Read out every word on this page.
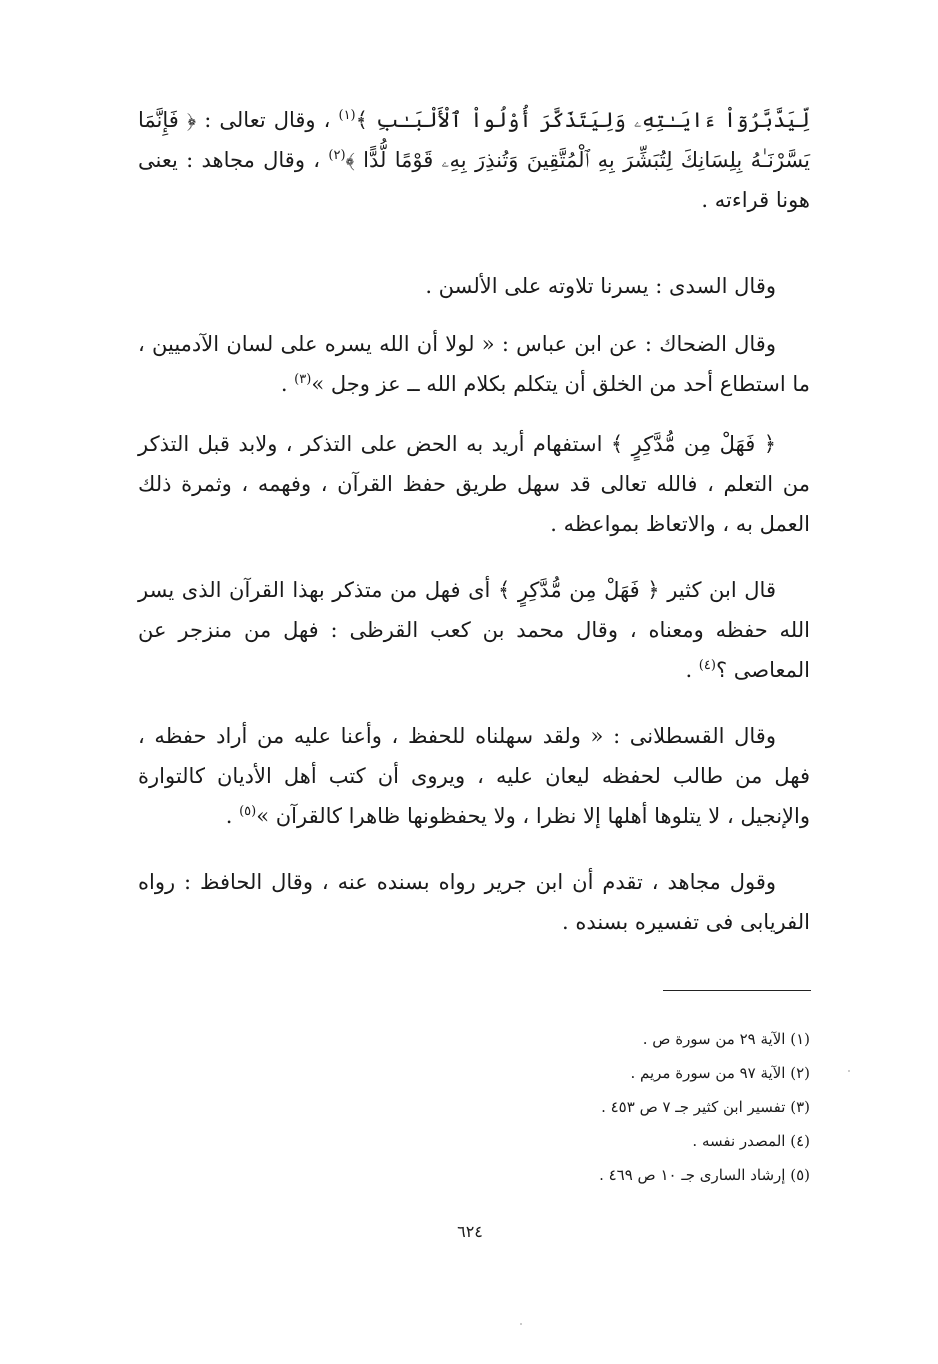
لِّيَدَّبَّرُوٓاْ ءَايَـٰتِهِۦ وَلِيَتَذَكَّرَ أُوْلُواْ ٱلْأَلْبَـٰبِ ﴾$^{(١)}$ ، وقال تعالى : ﴿ فَإِنَّمَا يَسَّرْنَـٰهُ بِلِسَانِكَ لِتُبَشِّرَ بِهِ ٱلْمُتَّقِينَ وَتُنذِرَ بِهِۦ قَوْمًا لُّدًّا ﴾$^{(٢)}$ ، وقال مجاهد : يعنى هونا قراءته .

وقال السدى : يسرنا تلاوته على الألسن .

وقال الضحاك : عن ابن عباس : « لولا أن الله يسره على لسان الآدميين ، ما استطاع أحد من الخلق أن يتكلم بكلام الله ــ عز وجل »$^{(٣)}$ .

﴿ فَهَلْ مِن مُّدَّكِرٍ ﴾ استفهام أريد به الحض على التذكر ، ولابد قبل التذكر من التعلم ، فالله تعالى قد سهل طريق حفظ القرآن ، وفهمه ، وثمرة ذلك العمل به ، والاتعاظ بمواعظه .

قال ابن كثير ﴿ فَهَلْ مِن مُّدَّكِرٍ ﴾ أى فهل من متذكر بهذا القرآن الذى يسر الله حفظه ومعناه ، وقال محمد بن كعب القرظى : فهل من منزجر عن المعاصى ؟$^{(٤)}$ .

وقال القسطلانى : « ولقد سهلناه للحفظ ، وأعنا عليه من أراد حفظه ، فهل من طالب لحفظه ليعان عليه ، ويروى أن كتب أهل الأديان كالتوارة والإنجيل ، لا يتلوها أهلها إلا نظرا ، ولا يحفظونها ظاهرا كالقرآن »$^{(٥)}$ .

وقول مجاهد ، تقدم أن ابن جرير رواه بسنده عنه ، وقال الحافظ : رواه الفريابى فى تفسيره بسنده .

(١) الآية ٢٩ من سورة ص .
(٢) الآية ٩٧ من سورة مريم .
(٣) تفسير ابن كثير جـ ٧ ص ٤٥٣ .
(٤) المصدر نفسه .
(٥) إرشاد السارى جـ ١٠ ص ٤٦٩ .
٦٢٤
